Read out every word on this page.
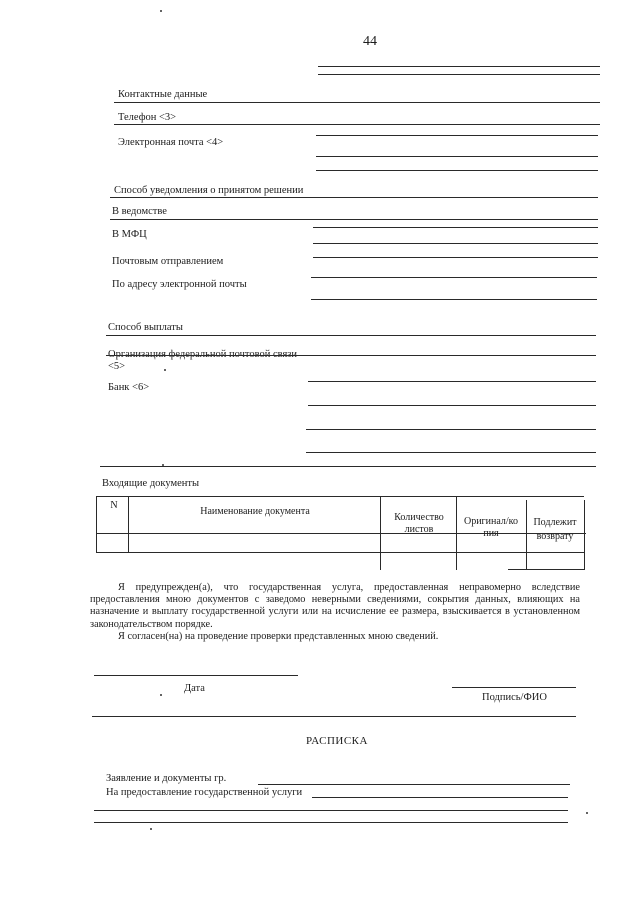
44
Контактные данные
Телефон <3>
Электронная почта <4>
Способ уведомления о принятом решении
В ведомстве
В МФЦ
Почтовым отправлением
По адресу электронной почты
Способ выплаты
<5>
Банк <6>
Входящие документы
N
Наименование документа
Количество
листов
Оригинал/ко
пия
Подлежит
возврату

Я предупрежден(а), что государственная услуга, предоставленная неправомерно вследствие предоставления мною документов с заведомо неверными сведениями, сокрытия данных, влияющих на назначение и выплату государственной услуги или на исчисление ее размера, взыскивается в установленном законодательством порядке.

Я согласен(на) на проведение проверки представленных мною сведений.

Дата
Подпись/ФИО
РАСПИСКА
Заявление и документы гр.
На предоставление государственной услуги
